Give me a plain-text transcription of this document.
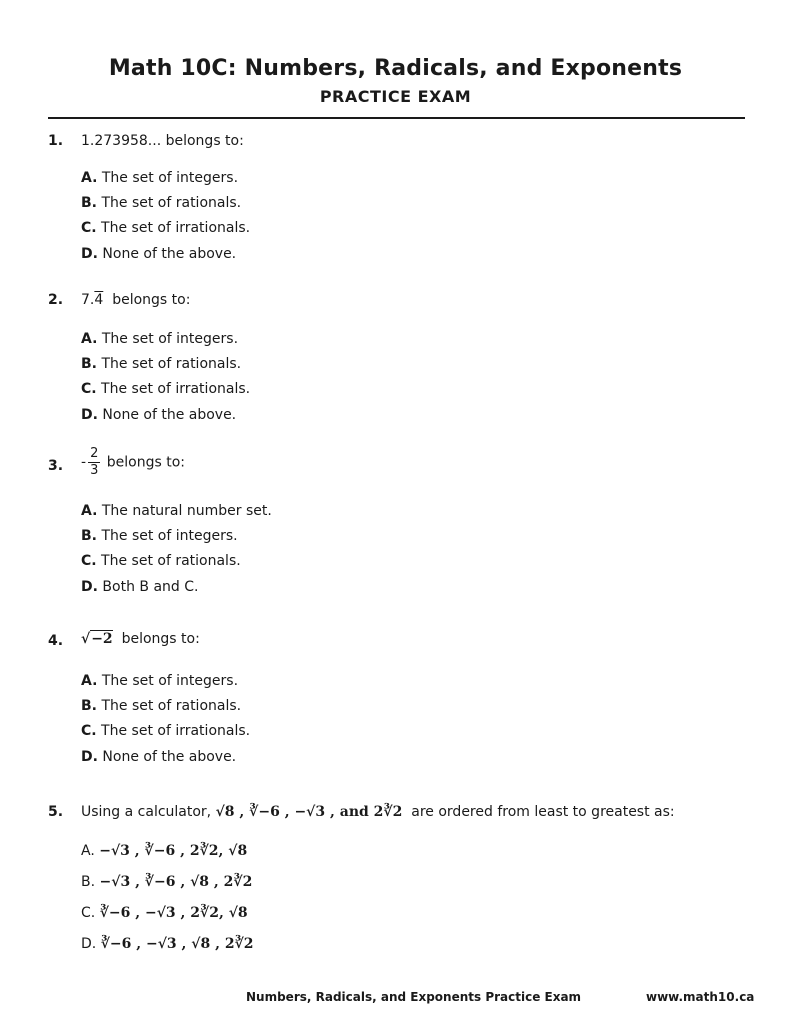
Math 10C: Numbers, Radicals, and Exponents
PRACTICE EXAM
1. 1.273958... belongs to:
A. The set of integers.
B. The set of rationals.
C. The set of irrationals.
D. None of the above.
2. 7.4 belongs to:
A. The set of integers.
B. The set of rationals.
C. The set of irrationals.
D. None of the above.
3. - $\frac{2}{3}$ belongs to:
A. The natural number set.
B. The set of integers.
C. The set of rationals.
D. Both B and C.
4. √−2 belongs to:
A. The set of integers.
B. The set of rationals.
C. The set of irrationals.
D. None of the above.
5. Using a calculator, √8 , ∛−6 , −√3 , and 2∛2 are ordered from least to greatest as:
A. −√3 , ∛−6 , 2∛2, √8
B. −√3 , ∛−6 , √8 , 2∛2
C. ∛−6 , −√3 , 2∛2, √8
D. ∛−6 , −√3 , √8 , 2∛2
Numbers, Radicals, and Exponents Practice Exam	www.math10.ca
